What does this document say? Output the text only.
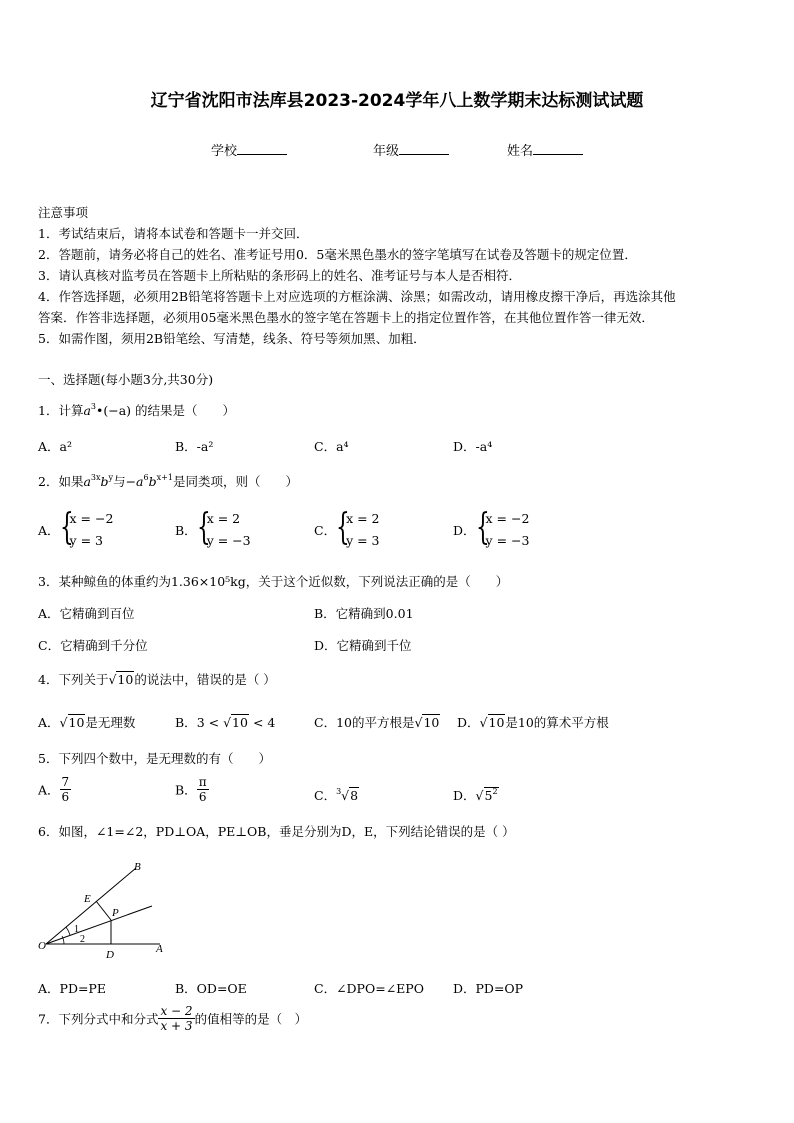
辽宁省沈阳市法库县2023-2024学年八上数学期末达标测试试题
学校	年级	姓名
注意事项
1．考试结束后，请将本试卷和答题卡一并交回．
2．答题前，请务必将自己的姓名、准考证号用0．5毫米黑色墨水的签字笔填写在试卷及答题卡的规定位置．
3．请认真核对监考员在答题卡上所粘贴的条形码上的姓名、准考证号与本人是否相符．
4．作答选择题，必须用2B铅笔将答题卡上对应选项的方框涂满、涂黑；如需改动，请用橡皮擦干净后，再选涂其他
答案．作答非选择题，必须用05毫米黑色墨水的签字笔在答题卡上的指定位置作答，在其他位置作答一律无效．
5．如需作图，须用2B铅笔绘、写清楚，线条、符号等须加黑、加粗．
一、选择题(每小题3分,共30分)
1．计算$a^3•(-a)$ 的结果是（　　）
A．a²	B．-a²	C．a⁴	D．-a⁴
2．如果$a^{3x}b^y$与$-a^6b^{x+1}$是同类项，则（　　）
A． {
x = −2
y = 3
B． {
x = 2
y = −3
C． {
x = 2
y = 3
D． {
x = −2
y = −3
3．某种鲸鱼的体重约为1.36×10⁵kg，关于这个近似数，下列说法正确的是（　　）
A．它精确到百位	B．它精确到0.01
C．它精确到千分位	D．它精确到千位
4．下列关于√10的说法中，错误的是（ ）
A．√10是无理数	B．3 < √10 < 4	C．10的平方根是√10 D．√10是10的算术平方根
5．下列四个数中，是无理数的有（　　）
A． $\frac{7}{6}$	B． $\frac{\pi}{6}$	C．$^3$√8	D．$√5^2$
6．如图，∠1=∠2，PD⊥OA，PE⊥OB，垂足分别为D，E，下列结论错误的是（ ）
O	A
B
D
E
P
1
2
A．PD=PE	B．OD=OE	C．∠DPO=∠EPO D．PD=OP
7．下列分式中和分式 $\frac{x - 2}{x + 3}$ 的值相等的是（　）
